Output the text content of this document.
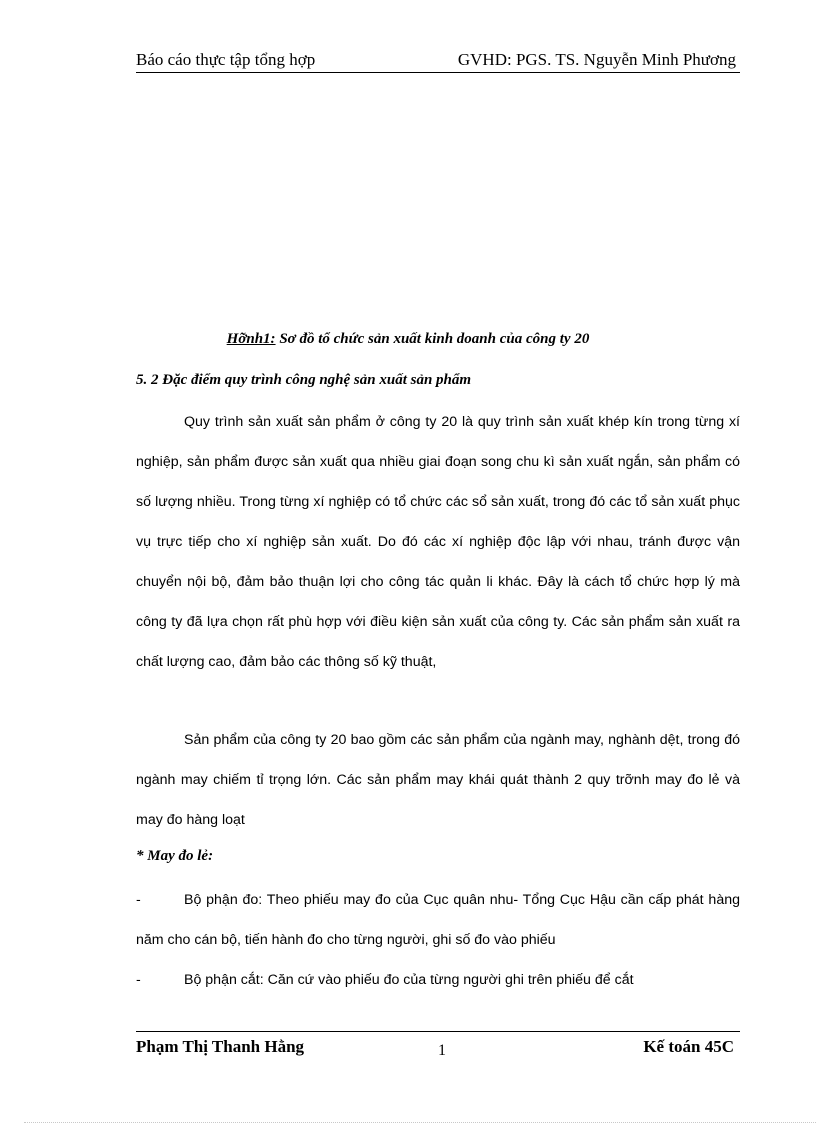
Báo cáo thực tập tổng hợp	GVHD: PGS. TS. Nguyễn Minh Phương
Hỡnh1: Sơ đồ tổ chức sản xuất kinh doanh của công ty 20
5. 2 Đặc điểm quy trình công nghệ sản xuất sản phẩm

Quy trình sản xuất sản phẩm ở công ty 20 là quy trình sản xuất khép kín trong từng xí nghiệp, sản phẩm được sản xuất qua nhiều giai đoạn song chu kì sản xuất ngắn, sản phẩm có số lượng nhiều. Trong từng xí nghiệp có tổ chức các sổ sản xuất, trong đó các tổ sản xuất phục vụ trực tiếp cho xí nghiệp sản xuất. Do đó các xí nghiệp độc lập với nhau, tránh được vận chuyển nội bộ, đảm bảo thuận lợi cho công tác quản li khác. Đây là cách tổ chức hợp lý mà công ty đã lựa chọn rất phù hợp với điều kiện sản xuất của công ty. Các sản phẩm sản xuất ra chất lượng cao, đảm bảo các thông số kỹ thuật,

Sản phẩm của công ty 20 bao gồm các sản phẩm của ngành may, nghành dệt, trong đó ngành may chiếm tỉ trọng lớn. Các sản phẩm may khái quát thành 2 quy trỡnh may đo lẻ và may đo hàng loạt

* May đo lẻ:
-	Bộ phận đo: Theo phiếu may đo của Cục quân nhu- Tổng Cục Hậu cần cấp phát hàng năm cho cán bộ, tiến hành đo cho từng người, ghi số đo vào phiếu
-	Bộ phận cắt: Căn cứ vào phiếu đo của từng người ghi trên phiếu để cắt
Phạm Thị Thanh Hằng	1	Kế toán 45C
